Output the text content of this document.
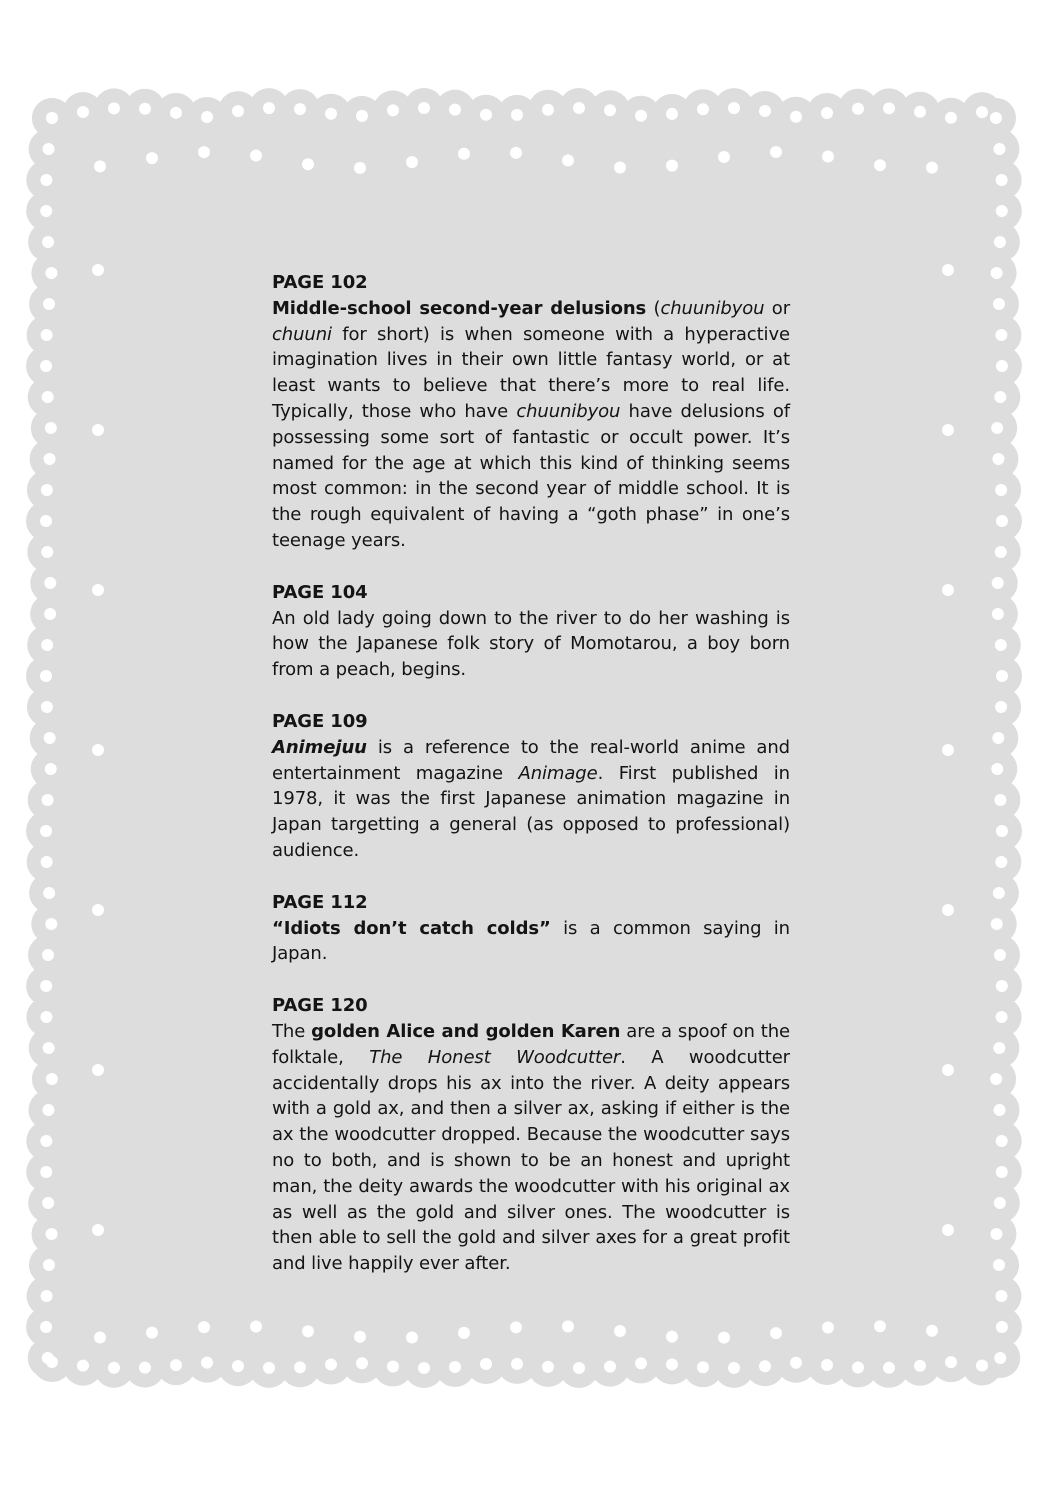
PAGE 102

Middle-school second-year delusions (chuunibyou or chuuni for short) is when someone with a hyperactive imagination lives in their own little fantasy world, or at least wants to believe that there’s more to real life. Typically, those who have chuunibyou have delusions of possessing some sort of fantastic or occult power. It’s named for the age at which this kind of thinking seems most common: in the second year of middle school. It is the rough equivalent of having a “goth phase” in one’s teenage years.

PAGE 104

An old lady going down to the river to do her washing is how the Japanese folk story of Momotarou, a boy born from a peach, begins.

PAGE 109

Animejuu is a reference to the real-world anime and entertainment magazine Animage. First published in 1978, it was the first Japanese animation magazine in Japan targetting a general (as opposed to professional) audience.

PAGE 112

“Idiots don’t catch colds” is a common saying in Japan.

PAGE 120

The golden Alice and golden Karen are a spoof on the folktale, The Honest Woodcutter. A woodcutter accidentally drops his ax into the river. A deity appears with a gold ax, and then a silver ax, asking if either is the ax the woodcutter dropped. Because the woodcutter says no to both, and is shown to be an honest and upright man, the deity awards the woodcutter with his original ax as well as the gold and silver ones. The woodcutter is then able to sell the gold and silver axes for a great profit and live happily ever after.
